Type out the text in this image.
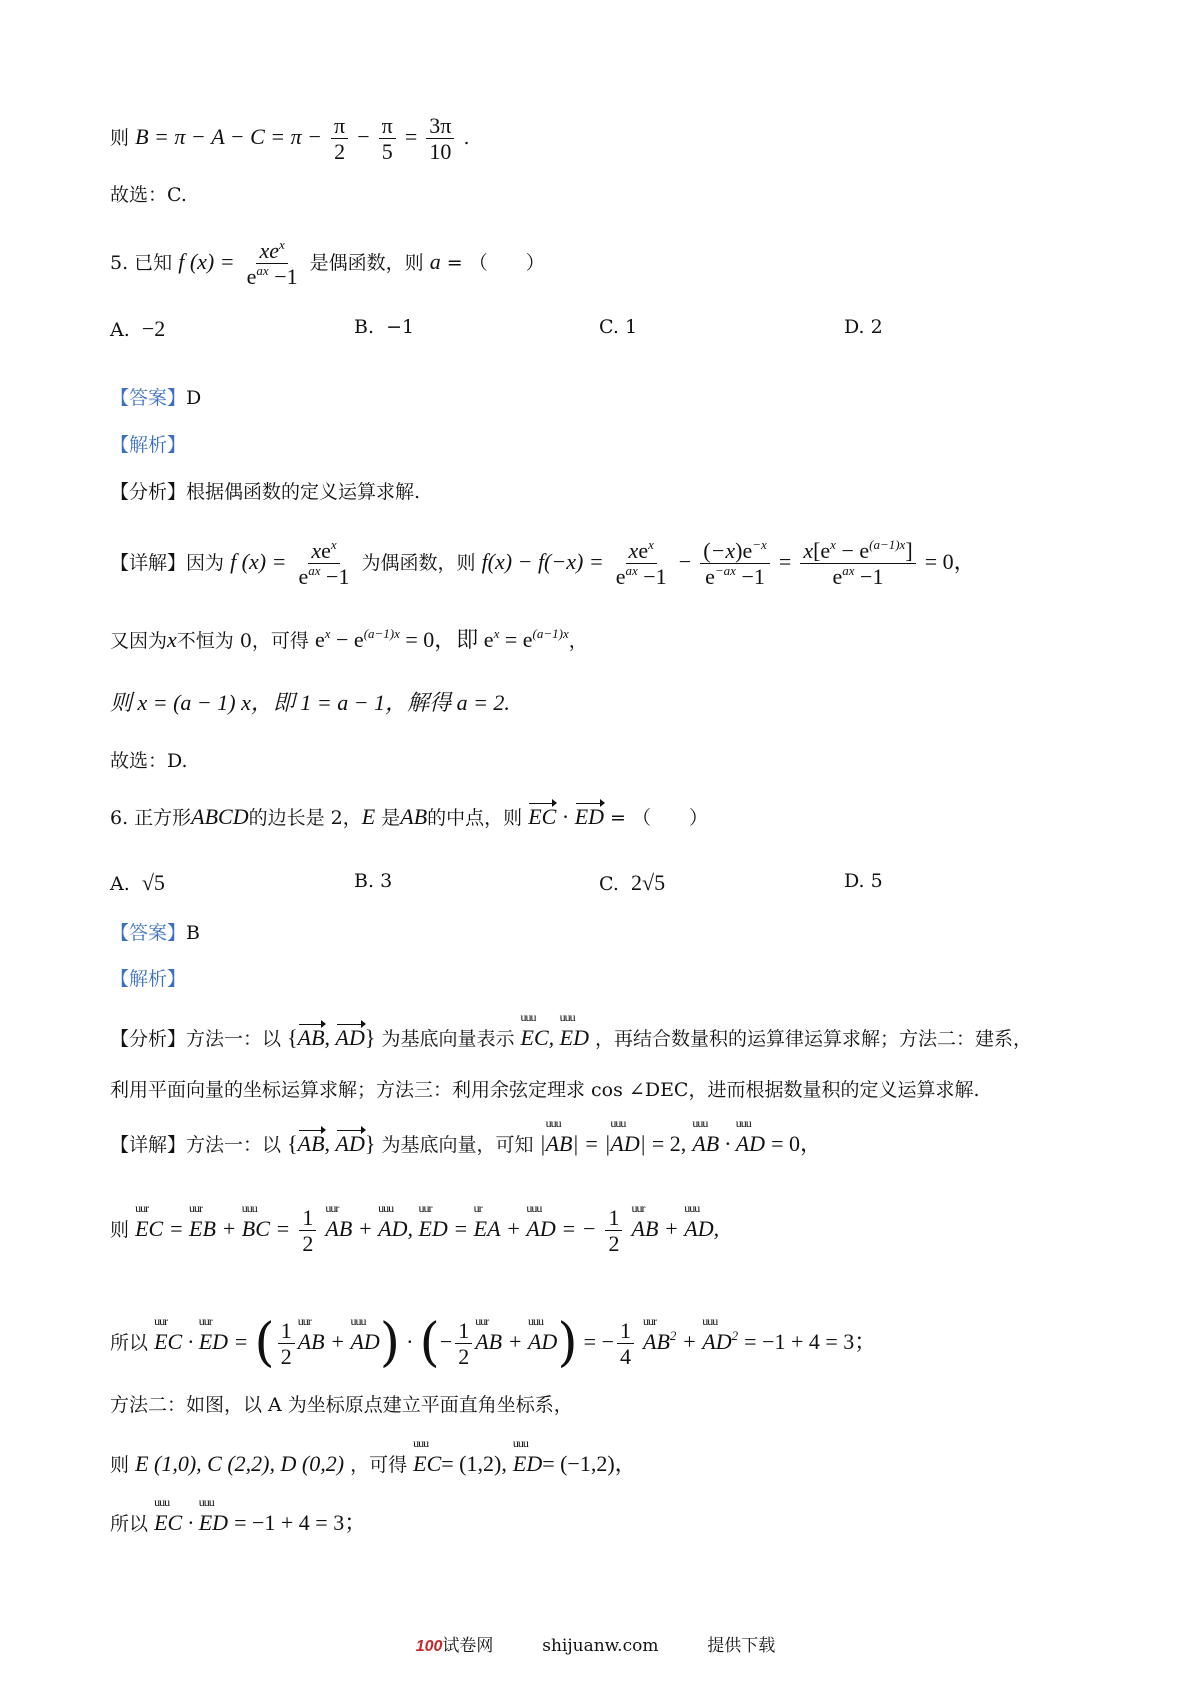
则 $B = \pi - A - C = \pi - \frac{\pi}{2} - \frac{\pi}{5} = \frac{3\pi}{10}$ .
故选：C.
5. 已知 f $(x) = \frac{xe^x}{e^{ax} -1}$ 是偶函数，则 a = （　　）
A. −2	B. −1	C. 1	D. 2
【答案】D
【解析】
【分析】根据偶函数的定义运算求解.
【详解】因为 f $(x) = \frac{xe^x}{e^{ax} -1}$ 为偶函数，则 $f(x) - f(-x) = \frac{xe^x}{e^{ax} -1} - \frac{(-x)e^{-x}}{e^{-ax} -1} = \frac{x[e^x - e^{(a-1)x}]}{e^{ax} -1} = 0$，
又因为x不恒为 0，可得 $e^x - e^{(a-1)x} = 0$，即 $e^x = e^{(a-1)x}$，
则 x = (a − 1) x，即 1 = a − 1，解得 a = 2.
故选：D.
6. 正方形ABCD的边长是 2，E 是AB的中点，则 EC · ED = （　　）
A. √5	B. 3	C. 2√5	D. 5
【答案】B
【解析】
【分析】方法一：以 {AB, AD} 为基底向量表示
uuu
EC,
uuu
ED ，再结合数量积的运算律运算求解；方法二：建系，
利用平面向量的坐标运算求解；方法三：利用余弦定理求 cos ∠DEC，进而根据数量积的定义运算求解.
【详解】方法一：以 {AB, AD} 为基底向量，可知 |
uuu
AB| = |
uuu
AD| = 2,
uuu
AB ·
uuu
AD = 0，
则
uur
EC =
uur
EB +
uuu
BC = $\frac{1}{2}$
uur
AB +
uuu
AD,
uur
ED =
ur
EA +
uuu
AD = − $\frac{1}{2}$
uur
AB +
uuu
AD,
所以
uur
EC ·
uur
ED = ( $\frac{1}{2}$ uur
AB +
uuu
AD) · (− $\frac{1}{2}$ uur
AB +
uuu
AD) = − $\frac{1}{4}$
uur
$AB^2$ +
uuu
$AD^2 = -1 + 4 = 3$；
方法二：如图，以 A 为坐标原点建立平面直角坐标系，
则 E (1,0), C (2,2), D (0,2) ，可得
uuu
EC= (1,2),
uuu
ED= (−1,2)，
所以
uuu
EC ·
uuu
ED = −1 + 4 = 3；
100试卷网	shijuanw.com	提供下载
